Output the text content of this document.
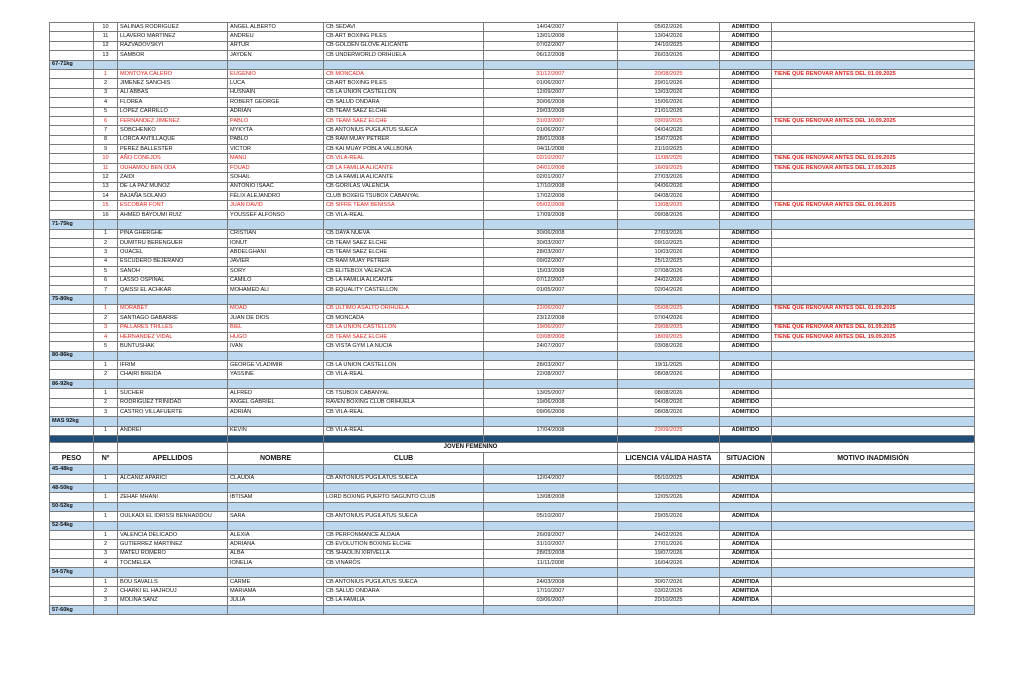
	10	SALINAS RODRIGUEZ	ANGEL ALBERTO	CB SEDAVI	14/04/2007	05/02/2026	ADMITIDO	
	11	LLAVERO MARTINEZ	ANDREU	CB ART BOXING PILES	13/01/2008	13/04/2026	ADMITIDO	
	12	RAZVADOVSKYI	ARTUR	CB GOLDEN GLOVE ALICANTE	07/02/2007	24/10/2025	ADMITIDO	
	13	SAMBOR	JAYDEN	CB UNDERWORLD ORIHUELA	06/12/2008	26/03/2026	ADMITIDO	
67-71kg								
	1	MONTOYA CALERO	EUGENIO	CB MONCADA	31/12/2007	20/08/2025	ADMITIDO	TIENE QUE RENOVAR ANTES DEL 01.09.2025
	2	JIMENEZ SANCHIS	LUCA	CB ART BOXING PILES	01/06/2007	29/01/2026	ADMITIDO	
	3	ALI ABBAS	HUSNAIN	CB LA UNION CASTELLON	12/09/2007	13/03/2026	ADMITIDO	
	4	FLOREA	ROBERT GEORGE	CB SALUD ONDARA	30/06/2008	15/06/2026	ADMITIDO	
	5	LOPEZ CARRILLO	ADRIAN	CB TEAM SAEZ ELCHE	29/03/2008	21/01/2026	ADMITIDO	
	6	FERNANDEZ JIMENEZ	PABLO	CB TEAM SAEZ ELCHE	31/03/2007	03/09/2025	ADMITIDO	TIENE QUE RENOVAR ANTES DEL 10.09.2025
	7	SOBCHENKO	MYKYTA	CB ANTONIUS PUGILATUS SUECA	01/06/2007	04/04/2026	ADMITIDO	
	8	LORCA ANTILLAQUE	PABLO	CB RAM MUAY PETRER	28/01/2008	15/07/2026	ADMITIDO	
	9	PEREZ BALLESTER	VICTOR	CB KAI MUAY POBLA VALLBONA	04/11/2008	21/10/2025	ADMITIDO	
	10	AÑO CONEJOS	MANU	CB VILA-REAL	02/10/2007	11/08/2025	ADMITIDO	TIENE QUE RENOVAR ANTES DEL 01.09.2025
	11	OUHAMOU BEN ODA	FOUAD	CB LA FAMILIA ALICANTE	04/01/2008	16/09/2025	ADMITIDO	TIENE QUE RENOVAR ANTES DEL 17.09.2025
	12	ZAIDI	SOHAIL	CB LA FAMILIA ALICANTE	02/01/2007	27/03/2026	ADMITIDO	
	13	DE LA PAZ MUÑOZ	ANTONIO ISAAC	CB GORILAS VALENCIA	17/10/2008	04/06/2026	ADMITIDO	
	14	BAJAÑA SOLANO	FÉLIX ALEJANDRO	CLUB BOXEIG TSUBOX CABANYAL	17/02/2008	04/08/2026	ADMITIDO	
	15	ESCOBAR FONT	JUAN DAVID	CB SIFRE TEAM BENISSA	05/02/2008	13/08/2025	ADMITIDO	TIENE QUE RENOVAR ANTES DEL 01.09.2025
	16	AHMED BAYOUMI RUIZ	YOUSSEF ALFONSO	CB VILA-REAL	17/09/2008	09/08/2026	ADMITIDO	
71-75kg								
	1	PINA GHERGHE	CRISTIAN	CB DAYA NUEVA	30/06/2008	27/03/2026	ADMITIDO	
	2	DUMITRU BERENGUER	IONUT	CB TEAM SAEZ ELCHE	30/03/2007	09/10/2025	ADMITIDO	
	3	OUACEL	ABDELGHANI	CB TEAM SAEZ ELCHE	28/03/2007	10/03/2026	ADMITIDO	
	4	ESCUDERO BEJERANO	JAVIER	CB RAM MUAY PETRER	09/02/2007	25/12/2025	ADMITIDO	
	5	SANOH	SORY	CB ELITEBOX VALENCIA	15/03/2008	07/08/2026	ADMITIDO	
	6	LASSO OSPINAL	CAMILO	CB LA FAMILIA ALICANTE	07/12/2007	24/02/2026	ADMITIDO	
	7	QAISSI EL ACHKAR	MOHAMED ALI	CB EQUALITY CASTELLON	01/05/2007	02/04/2026	ADMITIDO	
75-80kg								
	1	MORABET	MOAD	CB ULTIMO ASALTO ORIHUELA	22/06/2007	05/08/2025	ADMITIDO	TIENE QUE RENOVAR ANTES DEL 01.09.2025
	2	SANTIAGO GABARRE	JUAN DE DIOS	CB MONCADA	23/12/2008	07/04/2026	ADMITIDO	
	3	PALLARES TRILLES	BIEL	CB LA UNION CASTELLON	19/06/2007	29/08/2025	ADMITIDO	TIENE QUE RENOVAR ANTES DEL 01.09.2025
	4	HERNANDEZ VIDAL	HUGO	CB TEAM SAEZ ELCHE	03/08/2008	18/09/2025	ADMITIDO	TIENE QUE RENOVAR ANTES DEL 19.09.2025
	5	BUNTUSHAK	IVAN	CB VISTA GYM LA NUCIA	24/07/2007	03/08/2026	ADMITIDO	
80-86kg								
	1	IFRIM	GEORGE VLADIMIR	CB LA UNION CASTELLON	28/03/2007	19/11/2025	ADMITIDO	
	2	CHAIRI BREIDA	YASSINE	CB VILA-REAL	22/08/2007	08/08/2026	ADMITIDO	
86-92kg								
	1	SUCHER	ALFRED	CB TSUBOX CABANYAL	13/05/2007	08/08/2026	ADMITIDO	
	2	RODRIGUEZ TRINIDAD	ANGEL GABRIEL	RAVEN BOXING CLUB ORIHUELA	19/06/2008	04/08/2026	ADMITIDO	
	3	CASTRO VILLAFUERTE	ADRIÁN	CB VILA-REAL	09/06/2008	08/08/2026	ADMITIDO	
MAS 92kg								
	1	ANDREI	KEVIN	CB VILA-REAL	17/04/2008	23/09/2025	ADMITIDO	

				JOVEN FEMENINO				
PESO	Nº	APELLIDOS	NOMBRE	CLUB		LICENCIA VÁLIDA HASTA	SITUACION	MOTIVO INADMISIÓN
45-48kg								
	1	ALCAÑIZ APARICI	CLAUDIA	CB ANTONIUS PUGILATUS SUECA	12/04/2007	05/10/2025	ADMITIDA	
48-50kg								
	1	ZEHAF MHANI	IBTISAM	LORD BOXING PUERTO SAGUNTO CLUB	13/08/2008	12/05/2026	ADMITIDA	
50-52kg								
	1	OULKADI EL IDRISSI BENHADDOU	SARA	CB ANTONIUS PUGILATUS SUECA	05/10/2007	29/05/2026	ADMITIDA	
52-54kg								
	1	VALENCIA DELICADO	ALEXIA	CB PERFONMANCE ALDAIA	26/09/2007	24/02/2026	ADMITIDA	
	2	GUTIERREZ MARTINEZ	ADRIANA	CB EVOLUTION BOXING ELCHE	31/10/2007	27/01/2026	ADMITIDA	
	3	MATEU ROMERO	ALBA	CB SHAOLIN XIRIVELLA	28/03/2008	19/07/2026	ADMITIDA	
	4	TOCMELEA	IONELIA	CB VINARÒS	11/11/2008	16/04/2026	ADMITIDA	
54-57kg								
	1	BOU SAVALLS	CARME	CB ANTONIUS PUGILATUS SUECA	24/03/2008	30/07/2026	ADMITIDA	
	2	CHARKI EL HAJHOUJ	MARIAMA	CB SALUD ONDARA	17/10/2007	03/02/2026	ADMITIDA	
	3	MOLINA SANZ	JULIA	CB LA FAMILIA	03/06/2007	20/10/2025	ADMITIDA	
57-60kg								
